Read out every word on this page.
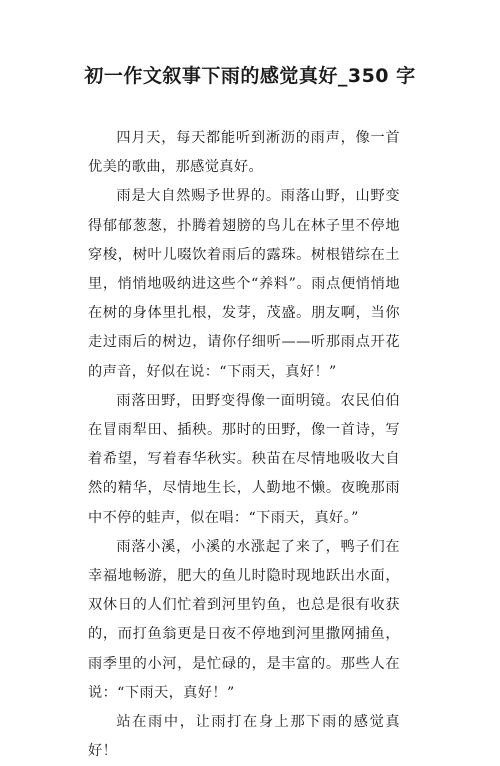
初一作文叙事下雨的感觉真好_350 字

四月天，每天都能听到淅沥的雨声，像一首优美的歌曲，那感觉真好。

雨是大自然赐予世界的。雨落山野，山野变得郁郁葱葱，扑腾着翅膀的鸟儿在林子里不停地穿梭，树叶儿啜饮着雨后的露珠。树根错综在土里，悄悄地吸纳进这些个“养料”。雨点便悄悄地在树的身体里扎根，发芽，茂盛。朋友啊，当你走过雨后的树边，请你仔细听——听那雨点开花的声音，好似在说：“下雨天，真好！”

雨落田野，田野变得像一面明镜。农民伯伯在冒雨犁田、插秧。那时的田野，像一首诗，写着希望，写着春华秋实。秧苗在尽情地吸收大自然的精华，尽情地生长，人勤地不懒。夜晚那雨中不停的蛙声，似在唱：“下雨天，真好。”

雨落小溪，小溪的水涨起了来了，鸭子们在幸福地畅游，肥大的鱼儿时隐时现地跃出水面，双休日的人们忙着到河里钓鱼，也总是很有收获的，而打鱼翁更是日夜不停地到河里撒网捕鱼，雨季里的小河，是忙碌的，是丰富的。那些人在说：“下雨天，真好！”

站在雨中，让雨打在身上那下雨的感觉真好！
